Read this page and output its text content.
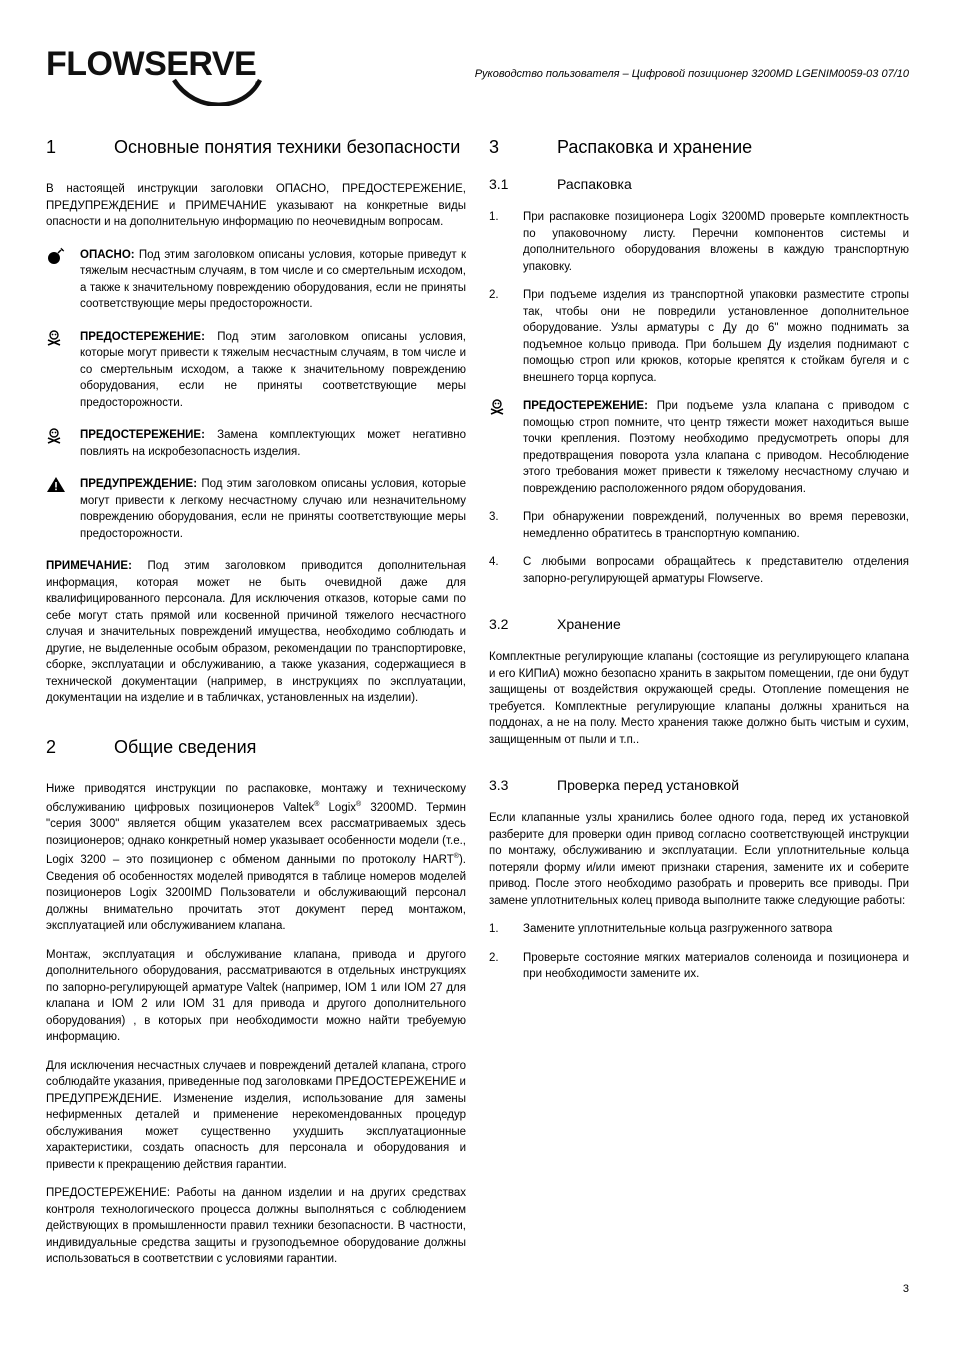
FLOWSERVE
®
Руководство пользователя – Цифровой позиционер 3200MD LGENIM0059-03 07/10
1	Основные понятия техники безопасности

В настоящей инструкции заголовки ОПАСНО, ПРЕДОСТЕРЕЖЕНИЕ, ПРЕДУПРЕЖДЕНИЕ и ПРИМЕЧАНИЕ указывают на конкретные виды опасности и на дополнительную информацию по неочевидным вопросам.

ОПАСНО: Под этим заголовком описаны условия, которые приведут к тяжелым несчастным случаям, в том числе и со смертельным исходом, а также к значительному повреждению оборудования, если не приняты соответствующие меры предосторожности.

ПРЕДОСТЕРЕЖЕНИЕ: Под этим заголовком описаны условия, которые могут привести к тяжелым несчастным случаям, в том числе и со смертельным исходом, а также к значительному повреждению оборудования, если не приняты соответствующие меры предосторожности.

ПРЕДОСТЕРЕЖЕНИЕ: Замена комплектующих может негативно повлиять на искробезопасность изделия.

ПРЕДУПРЕЖДЕНИЕ: Под этим заголовком описаны условия, которые могут привести к легкому несчастному случаю или незначительному повреждению оборудования, если не приняты соответствующие меры предосторожности.

ПРИМЕЧАНИЕ: Под этим заголовком приводится дополнительная информация, которая может не быть очевидной даже для квалифицированного персонала. Для исключения отказов, которые сами по себе могут стать прямой или косвенной причиной тяжелого несчастного случая и значительных повреждений имущества, необходимо соблюдать и другие, не выделенные особым образом, рекомендации по транспортировке, сборке, эксплуатации и обслуживанию, а также указания, содержащиеся в технической документации (например, в инструкциях по эксплуатации, документации на изделие и в табличках, установленных на изделии).

2	Общие сведения

Ниже приводятся инструкции по распаковке, монтажу и техническому обслуживанию цифровых позиционеров Valtek® Logix® 3200MD. Термин "серия 3000" является общим указателем всех рассматриваемых здесь позиционеров; однако конкретный номер указывает особенности модели (т.е., Logix 3200 – это позиционер с обменом данными по протоколу HART®). Сведения об особенностях моделей приводятся в таблице номеров моделей позиционеров Logix 3200IMD Пользователи и обслуживающий персонал должны внимательно прочитать этот документ перед монтажом, эксплуатацией или обслуживанием клапана.

Монтаж, эксплуатация и обслуживание клапана, привода и другого дополнительного оборудования, рассматриваются в отдельных инструкциях по запорно-регулирующей арматуре Valtek (например, IOM 1 или IOM 27 для клапана и IOM 2 или IOM 31 для привода и другого дополнительного оборудования) , в которых при необходимости можно найти требуемую информацию.

Для исключения несчастных случаев и повреждений деталей клапана, строго соблюдайте указания, приведенные под заголовками ПРЕДОСТЕРЕЖЕНИЕ и ПРЕДУПРЕЖДЕНИЕ. Изменение изделия, использование для замены нефирменных деталей и применение нерекомендованных процедур обслуживания может существенно ухудшить эксплуатационные характеристики, создать опасность для персонала и оборудования и привести к прекращению действия гарантии.

ПРЕДОСТЕРЕЖЕНИЕ: Работы на данном изделии и на других средствах контроля технологического процесса должны выполняться с соблюдением действующих в промышленности правил техники безопасности. В частности, индивидуальные средства защиты и грузоподъемное оборудование должны использоваться в соответствии с условиями гарантии.

3	Распаковка и хранение
3.1	Распаковка
1. При распаковке позиционера Logix 3200MD проверьте комплектность по упаковочному листу. Перечни компонентов системы и дополнительного оборудования вложены в каждую транспортную упаковку.

2. При подъеме изделия из транспортной упаковки разместите стропы так, чтобы они не повредили установленное дополнительное оборудование. Узлы арматуры с Ду до 6" можно поднимать за подъемное кольцо привода. При большем Ду изделия поднимают с помощью строп или крюков, которые крепятся к стойкам бугеля и с внешнего торца корпуса.

ПРЕДОСТЕРЕЖЕНИЕ: При подъеме узла клапана с приводом с помощью строп помните, что центр тяжести может находиться выше точки крепления. Поэтому необходимо предусмотреть опоры для предотвращения поворота узла клапана с приводом. Несоблюдение этого требования может привести к тяжелому несчастному случаю и повреждению расположенного рядом оборудования.

3. При обнаружении повреждений, полученных во время перевозки, немедленно обратитесь в транспортную компанию.

4. С любыми вопросами обращайтесь к представителю отделения запорно-регулирующей арматуры Flowserve.

3.2	Хранение

Комплектные регулирующие клапаны (состоящие из регулирующего клапана и его КИПиА) можно безопасно хранить в закрытом помещении, где они будут защищены от воздействия окружающей среды. Отопление помещения не требуется. Комплектные регулирующие клапаны должны храниться на поддонах, а не на полу. Место хранения также должно быть чистым и сухим, защищенным от пыли и т.п..

3.3	Проверка перед установкой

Если клапанные узлы хранились более одного года, перед их установкой разберите для проверки один привод согласно соответствующей инструкции по монтажу, обслуживанию и эксплуатации. Если уплотнительные кольца потеряли форму и/или имеют признаки старения, замените их и соберите привод. После этого необходимо разобрать и проверить все приводы. При замене уплотнительных колец привода выполните также следующие работы:

1. Замените уплотнительные кольца разгруженного затвора

2. Проверьте состояние мягких материалов соленоида и позиционера и при необходимости замените их.

3
